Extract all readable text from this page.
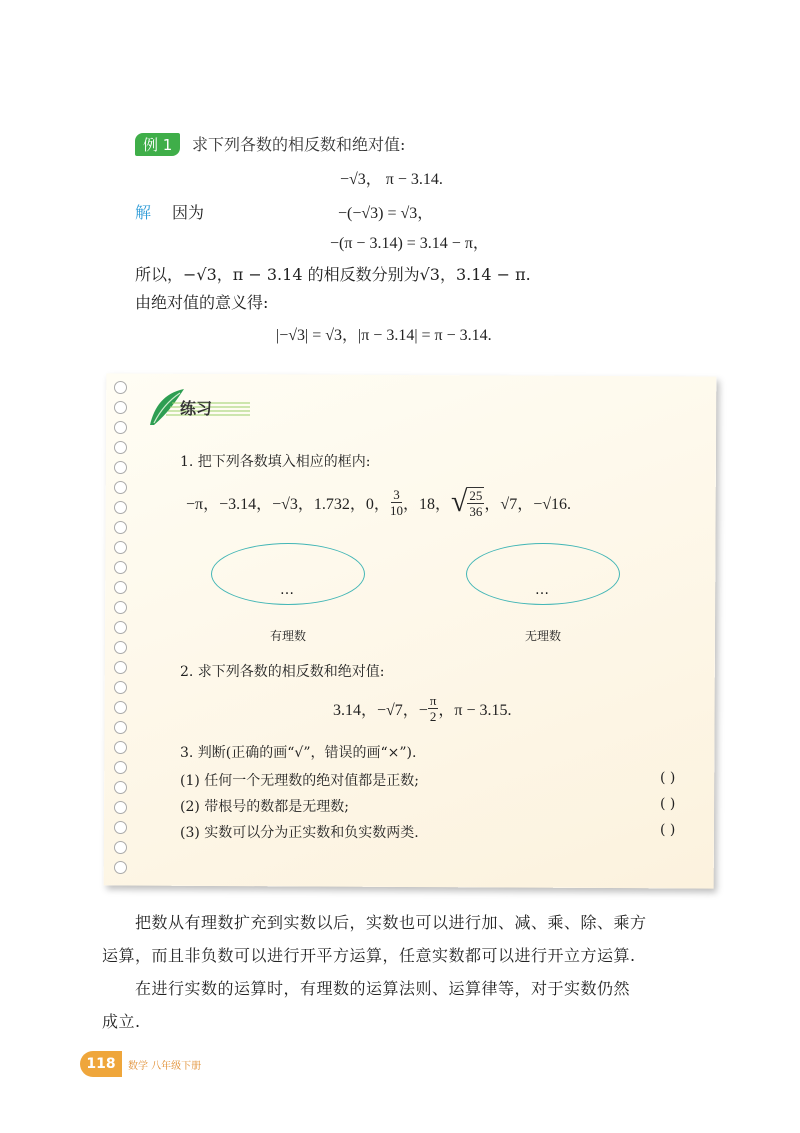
例 1	求下列各数的相反数和绝对值:
−√3， π − 3.14.
解 因为	−(−√3) = √3，
−(π − 3.14) = 3.14 − π，
所以，−√3，π − 3.14 的相反数分别为√3，3.14 − π.
由绝对值的意义得:
|−√3| = √3，|π − 3.14| = π − 3.14.
练习
1. 把下列各数填入相应的框内:
−π，−3.14，−√3，1.732，0， $\frac{3}{10}$ ，18， √ $\frac{25}{36}$ ，√7，−√16.
…
有理数
…
无理数
2. 求下列各数的相反数和绝对值:
3.14，−√7，− $\frac{\pi}{2}$ ，π − 3.15.
3. 判断(正确的画“√”，错误的画“×”).
(1) 任何一个无理数的绝对值都是正数;	( )
(2) 带根号的数都是无理数;	( )
(3) 实数可以分为正实数和负实数两类.	( )
把数从有理数扩充到实数以后，实数也可以进行加、减、乘、除、乘方
运算，而且非负数可以进行开平方运算，任意实数都可以进行开立方运算.
在进行实数的运算时，有理数的运算法则、运算律等，对于实数仍然
成立.
118	数学 八年级下册
